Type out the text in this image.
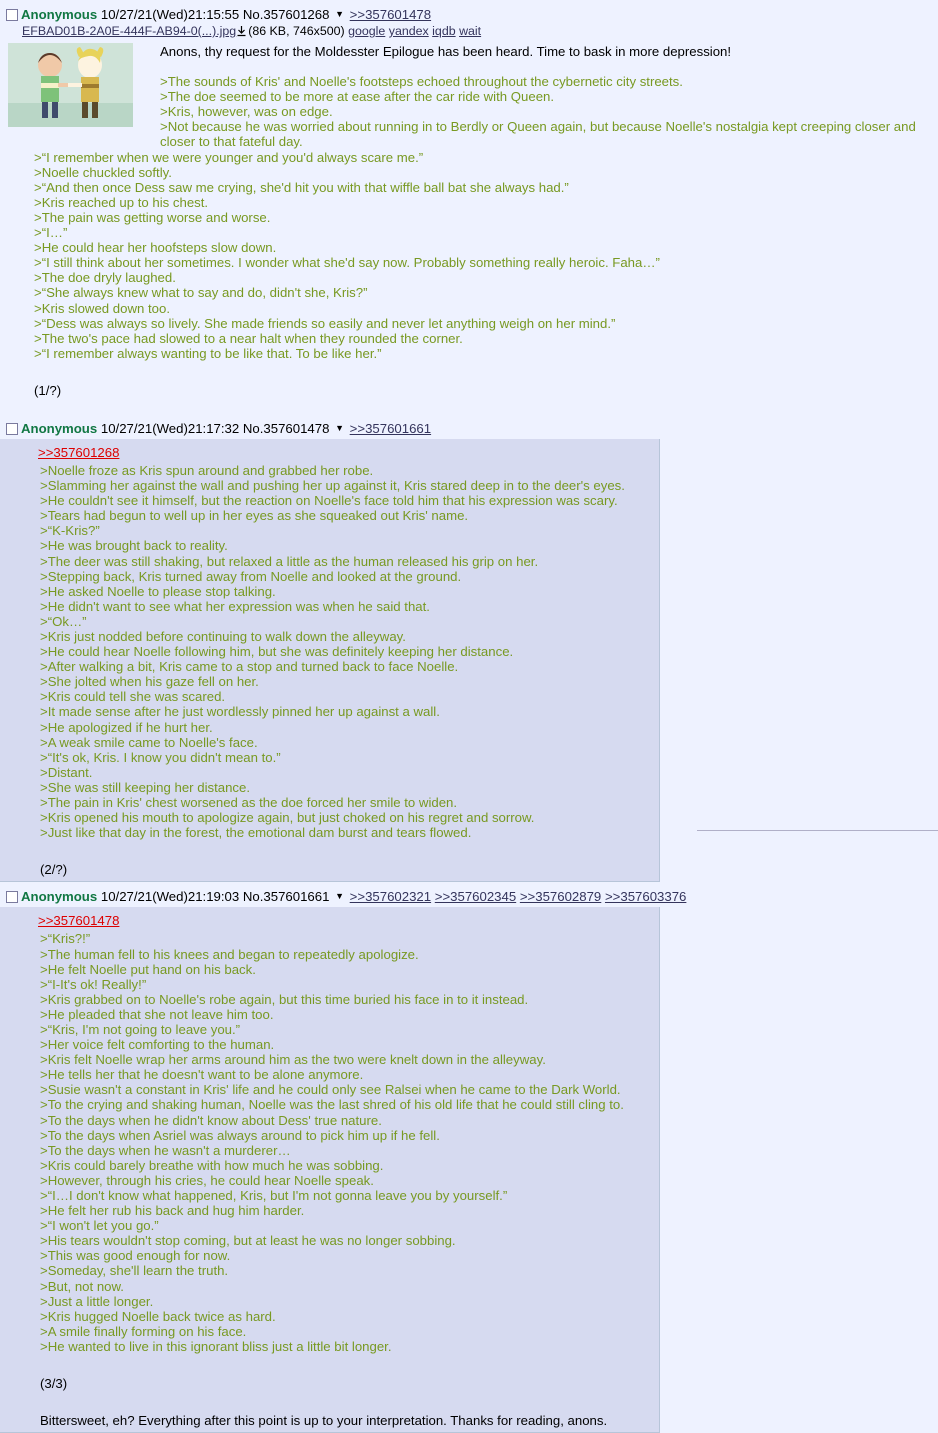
Anonymous 10/27/21(Wed)21:15:55 No.357601268 ▼ >>357601478
EFBAD01B-2A0E-444F-AB94-0(...).jpg (86 KB, 746x500) google yandex iqdb wait
Anons, thy request for the Moldesster Epilogue has been heard. Time to bask in more depression!
>The sounds of Kris' and Noelle's footsteps echoed throughout the cybernetic city streets.
>The doe seemed to be more at ease after the car ride with Queen.
>Kris, however, was on edge.
>Not because he was worried about running in to Berdly or Queen again, but because Noelle's nostalgia kept creeping closer and closer to that fateful day.
>“I remember when we were younger and you'd always scare me.”
>Noelle chuckled softly.
>“And then once Dess saw me crying, she'd hit you with that wiffle ball bat she always had.”
>Kris reached up to his chest.
>The pain was getting worse and worse.
>“I…”
>He could hear her hoofsteps slow down.
>“I still think about her sometimes. I wonder what she'd say now. Probably something really heroic. Faha…”
>The doe dryly laughed.
>“She always knew what to say and do, didn't she, Kris?”
>Kris slowed down too.
>“Dess was always so lively. She made friends so easily and never let anything weigh on her mind.”
>The two's pace had slowed to a near halt when they rounded the corner.
>“I remember always wanting to be like that. To be like her.”
(1/?)
Anonymous 10/27/21(Wed)21:17:32 No.357601478 ▼ >>357601661
>>357601268
>Noelle froze as Kris spun around and grabbed her robe.
>Slamming her against the wall and pushing her up against it, Kris stared deep in to the deer's eyes.
>He couldn't see it himself, but the reaction on Noelle's face told him that his expression was scary.
>Tears had begun to well up in her eyes as she squeaked out Kris' name.
>“K-Kris?”
>He was brought back to reality.
>The deer was still shaking, but relaxed a little as the human released his grip on her.
>Stepping back, Kris turned away from Noelle and looked at the ground.
>He asked Noelle to please stop talking.
>He didn't want to see what her expression was when he said that.
>“Ok…”
>Kris just nodded before continuing to walk down the alleyway.
>He could hear Noelle following him, but she was definitely keeping her distance.
>After walking a bit, Kris came to a stop and turned back to face Noelle.
>She jolted when his gaze fell on her.
>Kris could tell she was scared.
>It made sense after he just wordlessly pinned her up against a wall.
>He apologized if he hurt her.
>A weak smile came to Noelle's face.
>“It's ok, Kris. I know you didn't mean to.”
>Distant.
>She was still keeping her distance.
>The pain in Kris' chest worsened as the doe forced her smile to widen.
>Kris opened his mouth to apologize again, but just choked on his regret and sorrow.
>Just like that day in the forest, the emotional dam burst and tears flowed.
(2/?)
Anonymous 10/27/21(Wed)21:19:03 No.357601661 ▼ >>357602321 >>357602345 >>357602879 >>357603376
>>357601478
>“Kris?!”
>The human fell to his knees and began to repeatedly apologize.
>He felt Noelle put hand on his back.
>“I-It's ok! Really!”
>Kris grabbed on to Noelle's robe again, but this time buried his face in to it instead.
>He pleaded that she not leave him too.
>“Kris, I'm not going to leave you.”
>Her voice felt comforting to the human.
>Kris felt Noelle wrap her arms around him as the two were knelt down in the alleyway.
>He tells her that he doesn't want to be alone anymore.
>Susie wasn't a constant in Kris' life and he could only see Ralsei when he came to the Dark World.
>To the crying and shaking human, Noelle was the last shred of his old life that he could still cling to.
>To the days when he didn't know about Dess' true nature.
>To the days when Asriel was always around to pick him up if he fell.
>To the days when he wasn't a murderer…
>Kris could barely breathe with how much he was sobbing.
>However, through his cries, he could hear Noelle speak.
>“I…I don't know what happened, Kris, but I'm not gonna leave you by yourself.”
>He felt her rub his back and hug him harder.
>“I won't let you go.”
>His tears wouldn't stop coming, but at least he was no longer sobbing.
>This was good enough for now.
>Someday, she'll learn the truth.
>But, not now.
>Just a little longer.
>Kris hugged Noelle back twice as hard.
>A smile finally forming on his face.
>He wanted to live in this ignorant bliss just a little bit longer.
(3/3)
Bittersweet, eh? Everything after this point is up to your interpretation. Thanks for reading, anons.
